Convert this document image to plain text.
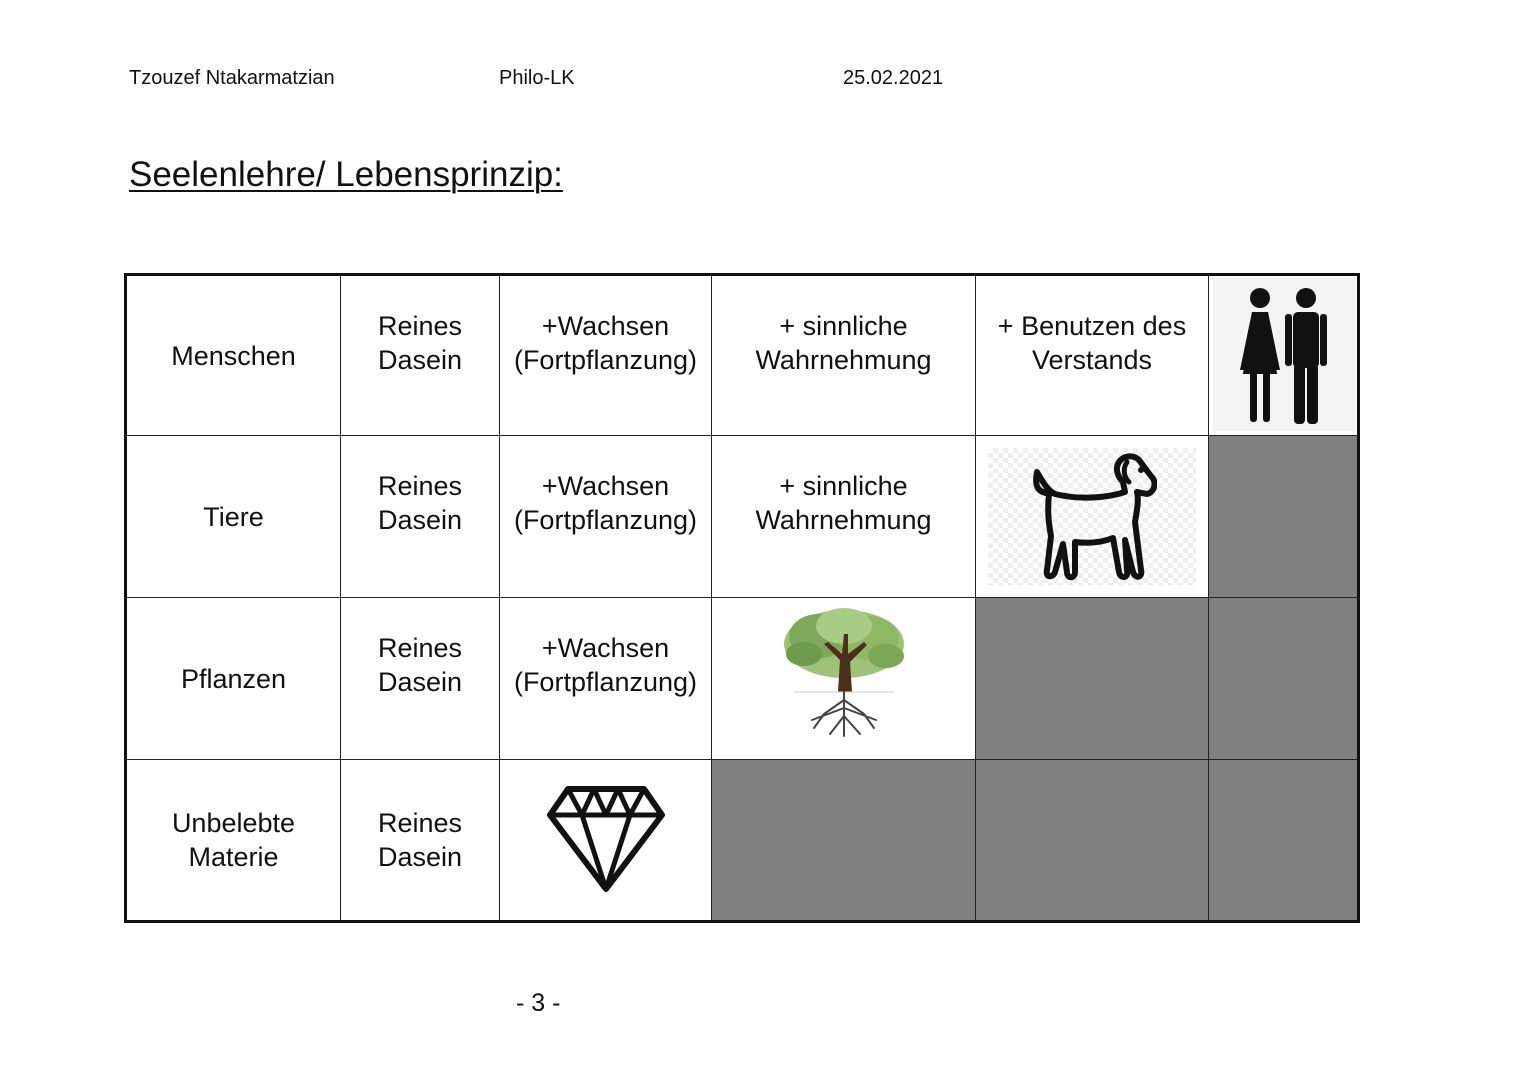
Tzouzef Ntakarmatzian	Philo-LK	25.02.2021
Seelenlehre/ Lebensprinzip:
Menschen	Reines Dasein	+Wachsen (Fortpflanzung)	+ sinnliche Wahrnehmung	+ Benutzen des Verstands	

Tiere	Reines Dasein	+Wachsen (Fortpflanzung)	+ sinnliche Wahrnehmung	

Pflanzen	Reines Dasein	+Wachsen (Fortpflanzung)	

Unbelebte Materie	Reines Dasein	

- 3 -
